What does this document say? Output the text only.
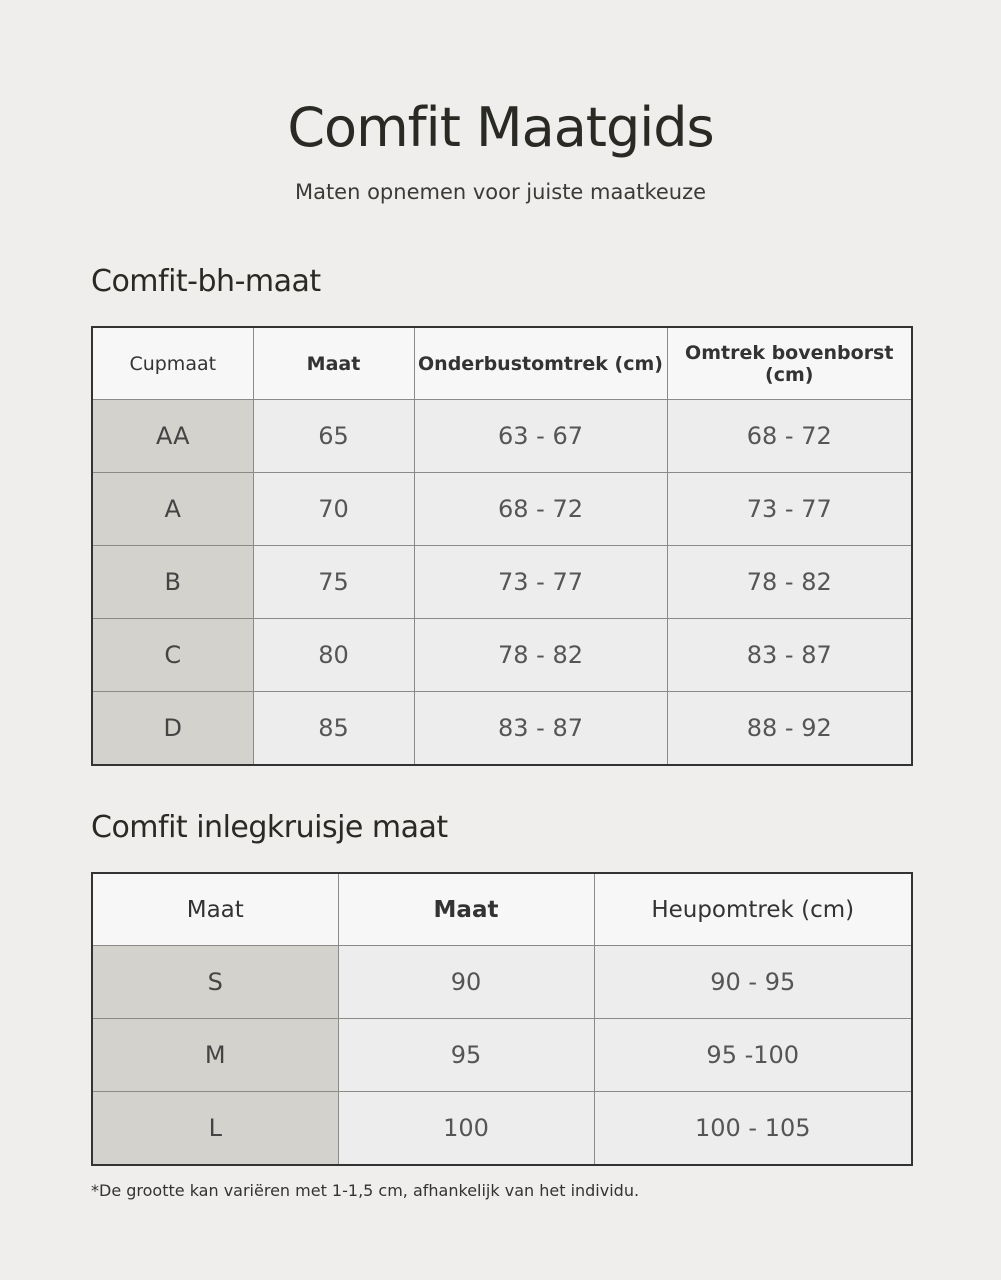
Comfit Maatgids
Maten opnemen voor juiste maatkeuze
Comfit-bh-maat
Cupmaat	Maat	Onderbustomtrek (cm)	Omtrek bovenborst (cm)
AA	65	63 - 67	68 - 72
A	70	68 - 72	73 - 77
B	75	73 - 77	78 - 82
C	80	78 - 82	83 - 87
D	85	83 - 87	88 - 92
Comfit inlegkruisje maat
Maat	Maat	Heupomtrek (cm)
S	90	90 - 95
M	95	95 -100
L	100	100 - 105
*De grootte kan variëren met 1-1,5 cm, afhankelijk van het individu.
